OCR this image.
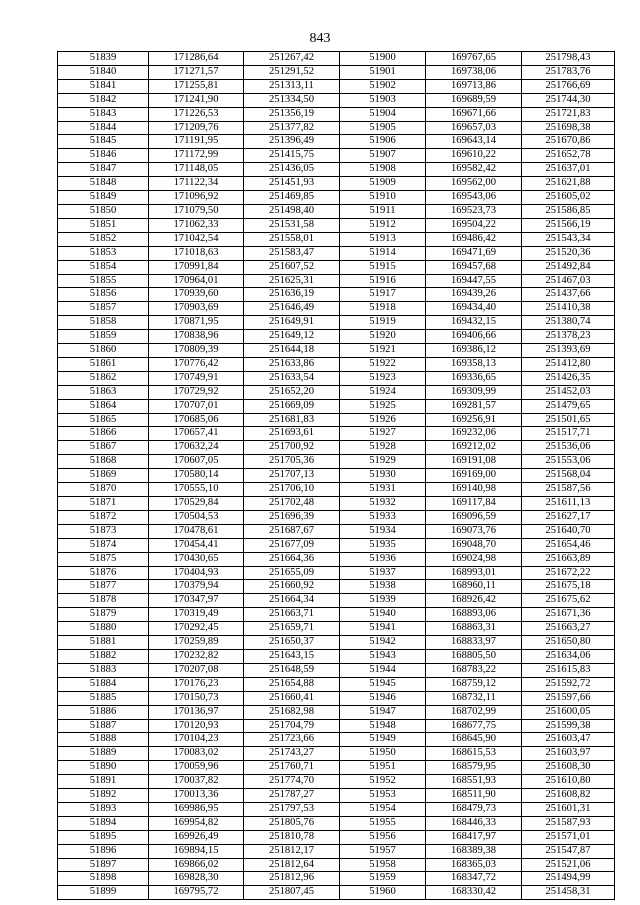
843
51839	171286,64	251267,42	51900	169767,65	251798,43
51840	171271,57	251291,52	51901	169738,06	251783,76
51841	171255,81	251313,11	51902	169713,86	251766,69
51842	171241,90	251334,50	51903	169689,59	251744,30
51843	171226,53	251356,19	51904	169671,66	251721,83
51844	171209,76	251377,82	51905	169657,03	251698,38
51845	171191,95	251396,49	51906	169643,14	251670,86
51846	171172,99	251415,75	51907	169610,22	251652,78
51847	171148,05	251436,05	51908	169582,42	251637,01
51848	171122,34	251451,93	51909	169562,00	251621,88
51849	171096,92	251469,85	51910	169543,06	251605,02
51850	171079,50	251498,40	51911	169523,73	251586,85
51851	171062,33	251531,58	51912	169504,22	251566,19
51852	171042,54	251558,01	51913	169486,42	251543,34
51853	171018,63	251583,47	51914	169471,69	251520,36
51854	170991,84	251607,52	51915	169457,68	251492,84
51855	170964,01	251625,31	51916	169447,55	251467,03
51856	170939,60	251636,19	51917	169439,26	251437,66
51857	170903,69	251646,49	51918	169434,40	251410,38
51858	170871,95	251649,91	51919	169432,15	251380,74
51859	170838,96	251649,12	51920	169406,66	251378,23
51860	170809,39	251644,18	51921	169386,12	251393,69
51861	170776,42	251633,86	51922	169358,13	251412,80
51862	170749,91	251633,54	51923	169336,65	251426,35
51863	170729,92	251652,20	51924	169309,99	251452,03
51864	170707,01	251669,09	51925	169281,57	251479,65
51865	170685,06	251681,83	51926	169256,91	251501,65
51866	170657,41	251693,61	51927	169232,06	251517,71
51867	170632,24	251700,92	51928	169212,02	251536,06
51868	170607,05	251705,36	51929	169191,08	251553,06
51869	170580,14	251707,13	51930	169169,00	251568,04
51870	170555,10	251706,10	51931	169140,98	251587,56
51871	170529,84	251702,48	51932	169117,84	251611,13
51872	170504,53	251696,39	51933	169096,59	251627,17
51873	170478,61	251687,67	51934	169073,76	251640,70
51874	170454,41	251677,09	51935	169048,70	251654,46
51875	170430,65	251664,36	51936	169024,98	251663,89
51876	170404,93	251655,09	51937	168993,01	251672,22
51877	170379,94	251660,92	51938	168960,11	251675,18
51878	170347,97	251664,34	51939	168926,42	251675,62
51879	170319,49	251663,71	51940	168893,06	251671,36
51880	170292,45	251659,71	51941	168863,31	251663,27
51881	170259,89	251650,37	51942	168833,97	251650,80
51882	170232,82	251643,15	51943	168805,50	251634,06
51883	170207,08	251648,59	51944	168783,22	251615,83
51884	170176,23	251654,88	51945	168759,12	251592,72
51885	170150,73	251660,41	51946	168732,11	251597,66
51886	170136,97	251682,98	51947	168702,99	251600,05
51887	170120,93	251704,79	51948	168677,75	251599,38
51888	170104,23	251723,66	51949	168645,90	251603,47
51889	170083,02	251743,27	51950	168615,53	251603,97
51890	170059,96	251760,71	51951	168579,95	251608,30
51891	170037,82	251774,70	51952	168551,93	251610,80
51892	170013,36	251787,27	51953	168511,90	251608,82
51893	169986,95	251797,53	51954	168479,73	251601,31
51894	169954,82	251805,76	51955	168446,33	251587,93
51895	169926,49	251810,78	51956	168417,97	251571,01
51896	169894,15	251812,17	51957	168389,38	251547,87
51897	169866,02	251812,64	51958	168365,03	251521,06
51898	169828,30	251812,96	51959	168347,72	251494,99
51899	169795,72	251807,45	51960	168330,42	251458,31
